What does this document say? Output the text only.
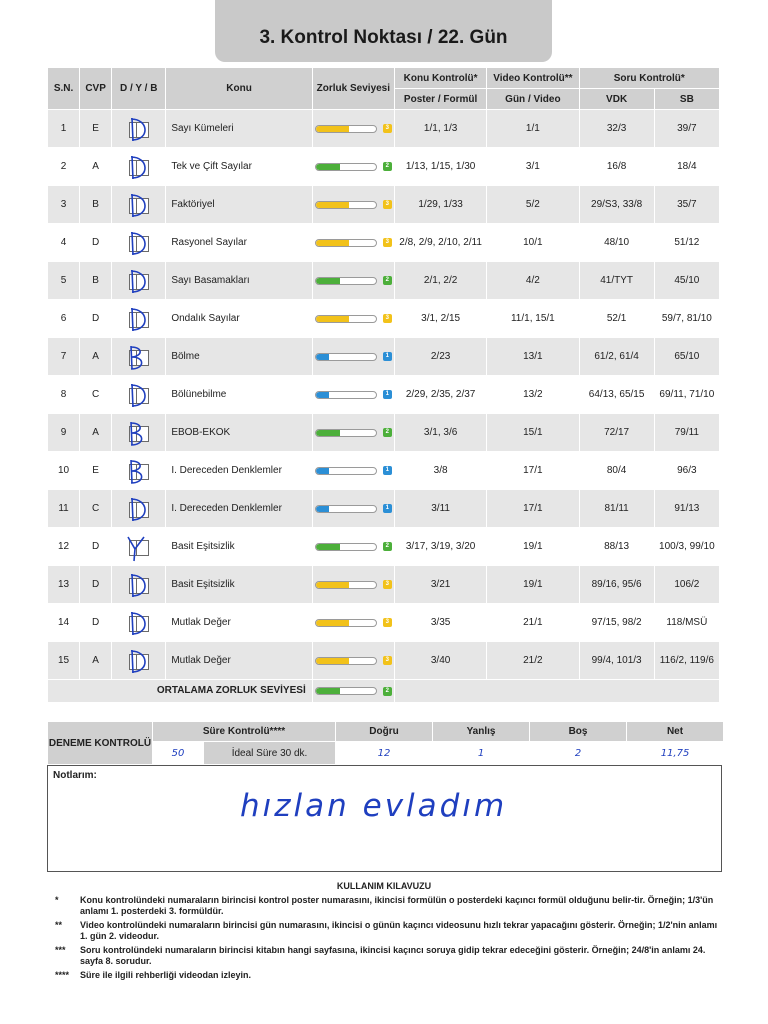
3. Kontrol Noktası / 22. Gün
S.N.	CVP	D / Y / B	Konu	Zorluk Seviyesi	Konu Kontrolü*	Video Kontrolü**	Soru Kontrolü*	
					Poster / Formül	Gün / Video	VDK	SB
1	E		Sayı Kümeleri	3	1/1, 1/3	1/1	32/3	39/7
2	A		Tek ve Çift Sayılar	2	1/13, 1/15, 1/30	3/1	16/8	18/4
3	B		Faktöriyel	3	1/29, 1/33	5/2	29/S3, 33/8	35/7
4	D		Rasyonel Sayılar	3	2/8, 2/9, 2/10, 2/11	10/1	48/10	51/12
5	B		Sayı Basamakları	2	2/1, 2/2	4/2	41/TYT	45/10
6	D		Ondalık Sayılar	3	3/1, 2/15	11/1, 15/1	52/1	59/7, 81/10
7	A		Bölme	1	2/23	13/1	61/2, 61/4	65/10
8	C		Bölünebilme	1	2/29, 2/35, 2/37	13/2	64/13, 65/15	69/11, 71/10
9	A		EBOB-EKOK	2	3/1, 3/6	15/1	72/17	79/11
10	E		I. Dereceden Denklemler	1	3/8	17/1	80/4	96/3
11	C		I. Dereceden Denklemler	1	3/11	17/1	81/11	91/13
12	D		Basit Eşitsizlik	2	3/17, 3/19, 3/20	19/1	88/13	100/3, 99/10
13	D		Basit Eşitsizlik	3	3/21	19/1	89/16, 95/6	106/2
14	D		Mutlak Değer	3	3/35	21/1	97/15, 98/2	118/MSÜ
15	A		Mutlak Değer	3	3/40	21/2	99/4, 101/3	116/2, 119/6
ORTALAMA ZORLUK SEVİYESİ				2				

DENEME KONTROLÜ	Süre Kontrolü****		Doğru	Yanlış	Boş	Net
	50	İdeal Süre 30 dk.	12	1	2	11,75
Notlarım:
hızlan evladım
KULLANIM KILAVUZU
*	Konu kontrolündeki numaraların birincisi kontrol poster numarasını, ikincisi formülün o posterdeki kaçıncı formül olduğunu belir-tir. Örneğin; 1/3'ün anlamı 1. posterdeki 3. formüldür.
**	Video kontrolündeki numaraların birincisi gün numarasını, ikincisi o günün kaçıncı videosunu hızlı tekrar yapacağını gösterir. Örneğin; 1/2'nin anlamı 1. gün 2. videodur.
***	Soru kontrolündeki numaraların birincisi kitabın hangi sayfasına, ikincisi kaçıncı soruya gidip tekrar edeceğini gösterir. Örneğin; 24/8'in anlamı 24. sayfa 8. sorudur.
****	Süre ile ilgili rehberliği videodan izleyin.
